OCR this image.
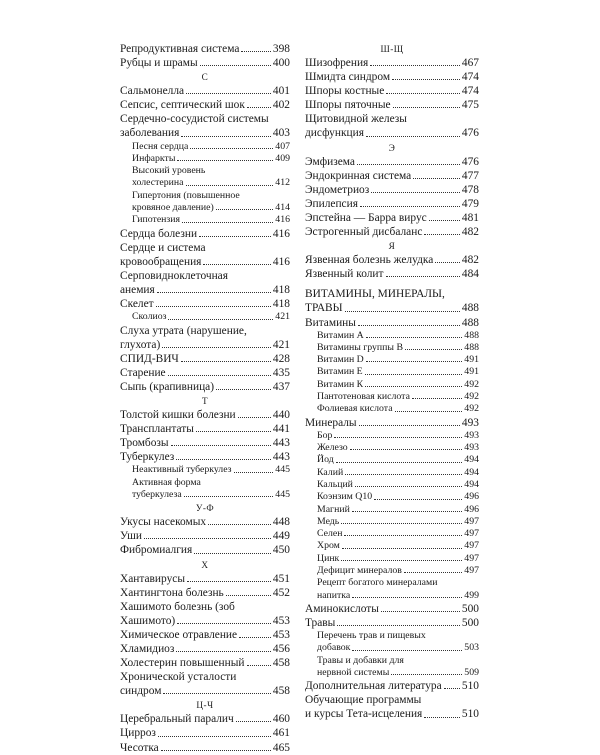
Репродуктивная система	398
Рубцы и шрамы	400
С
Сальмонелла	401
Сепсис, септический шок 402
Сердечно-сосудистой системы
заболевания	403
Песня сердца	407
Инфаркты	409
Высокий уровень
холестерина	412
Гипертония (повышенное
кровяное давление)	414
Гипотензия	416
Сердца болезни	416
Сердце и система
кровообращения	416
Серповидноклеточная
анемия	418
Скелет	418
Сколиоз	421
Слуха утрата (нарушение,
глухота)	421
СПИД-ВИЧ	428
Старение	435
Сыпь (крапивница)	437
Т
Толстой кишки болезни	440
Трансплантаты	441
Тромбозы	443
Туберкулез	443
Неактивный туберкулез	445
Активная форма
туберкулеза	445
У-Ф
Укусы насекомых	448
Уши	449
Фибромиалгия	450
Х
Хантавирусы	451
Хантингтона болезнь	452
Хашимото болезнь (зоб
Хашимото)	453
Химическое отравление	453
Хламидиоз	456
Холестерин повышенный 458
Хронической усталости
синдром	458
Ц-Ч
Церебральный паралич	460
Цирроз	461
Чесотка	465
Ш-Щ
Шизофрения	467
Шмидта синдром	474
Шпоры костные	474
Шпоры пяточные	475
Щитовидной железы
дисфункция	476
Э
Эмфизема	476
Эндокринная система	477
Эндометриоз	478
Эпилепсия	479
Эпстейна — Барра вирус	481
Эстрогенный дисбаланс	482
Я
Язвенная болезнь желудка	482
Язвенный колит	484
ВИТАМИНЫ, МИНЕРАЛЫ,
ТРАВЫ	488
Витамины	488
Витамин А	488
Витамины группы В	488
Витамин D	491
Витамин Е	491
Витамин К	492
Пантотеновая кислота	492
Фолиевая кислота	492
Минералы	493
Бор	493
Железо	493
Йод	494
Калий	494
Кальций	494
Коэнзим Q10	496
Магний	496
Медь	497
Селен	497
Хром	497
Цинк	497
Дефицит минералов	497
Рецепт богатого минералами
напитка	499
Аминокислоты	500
Травы	500
Перечень трав и пищевых
добавок	503
Травы и добавки для
нервной системы	509
Дополнительная литература 510
Обучающие программы
и курсы Тета-исцеления	510
